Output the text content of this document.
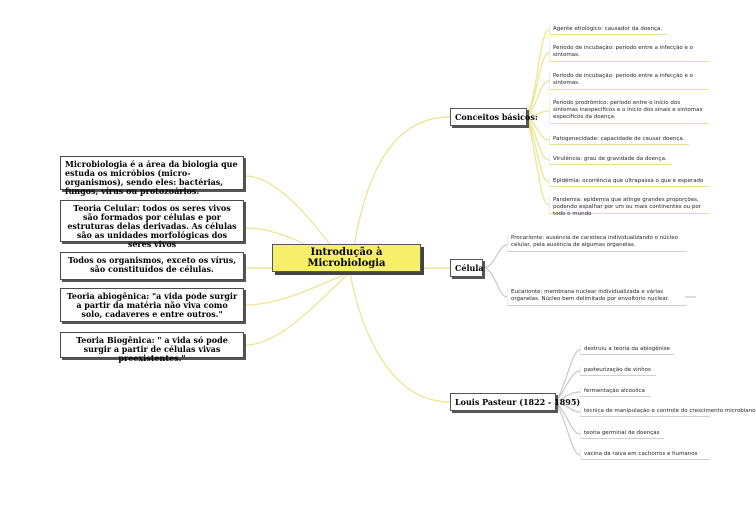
Introdução à Microbiologia
Microbiologia é a área da biologia que estuda os micróbios (micro-organismos), sendo eles: bactérias, fungos, vírus ou protozoários.
Teoria Celular: todos os seres vivos são formados por células e por estruturas delas derivadas. As células são as unidades morfológicas dos seres vivos
Todos os organismos, exceto os vírus, são constituídos de células.
Teoria abiogênica: "a vida pode surgir a partir da matéria não viva como solo, cadaveres e entre outros."
Teoria Biogênica: " a vida só pode surgir a partir de células vivas preexistentes."
Conceitos básicos:
Célula
Louis Pasteur (1822 - 1895)
Agente etiológico: causador da doença.
Período de incubação: período entre a infecção e o sintomas.
Período de incubação: período entre a infecção e o sintomas.
Período prodrômico: período entre o início dos sintomas inespecíficos e o início dos sinais e sintomas específicos da doença.
Patogenecidade: capacidade de causar doença.
Virulência: grau de gravidade da doença.
Epidêmia: ocorrência que ultrapassa o que é esperado
Pandemia: epidemia que atinge grandes proporções, podendo espalhar por um ou mais continentes ou por todo o mundo
Procarionte: ausência de carioteca individualizando o núcleo celular, pela ausência de algumas organelas.
Eucarionte: membrana nuclear individualizada e várias organelas. Núcleo bem delimitado por envoltório nuclear.
destruiu a teoria da abiogênise
pasteurização de vinhos
fermentação alcoolica
técnica de manipulação e controle do crescimento microbiano
teoria germinal de doenças
vacina da raiva em cachorros e humanos
